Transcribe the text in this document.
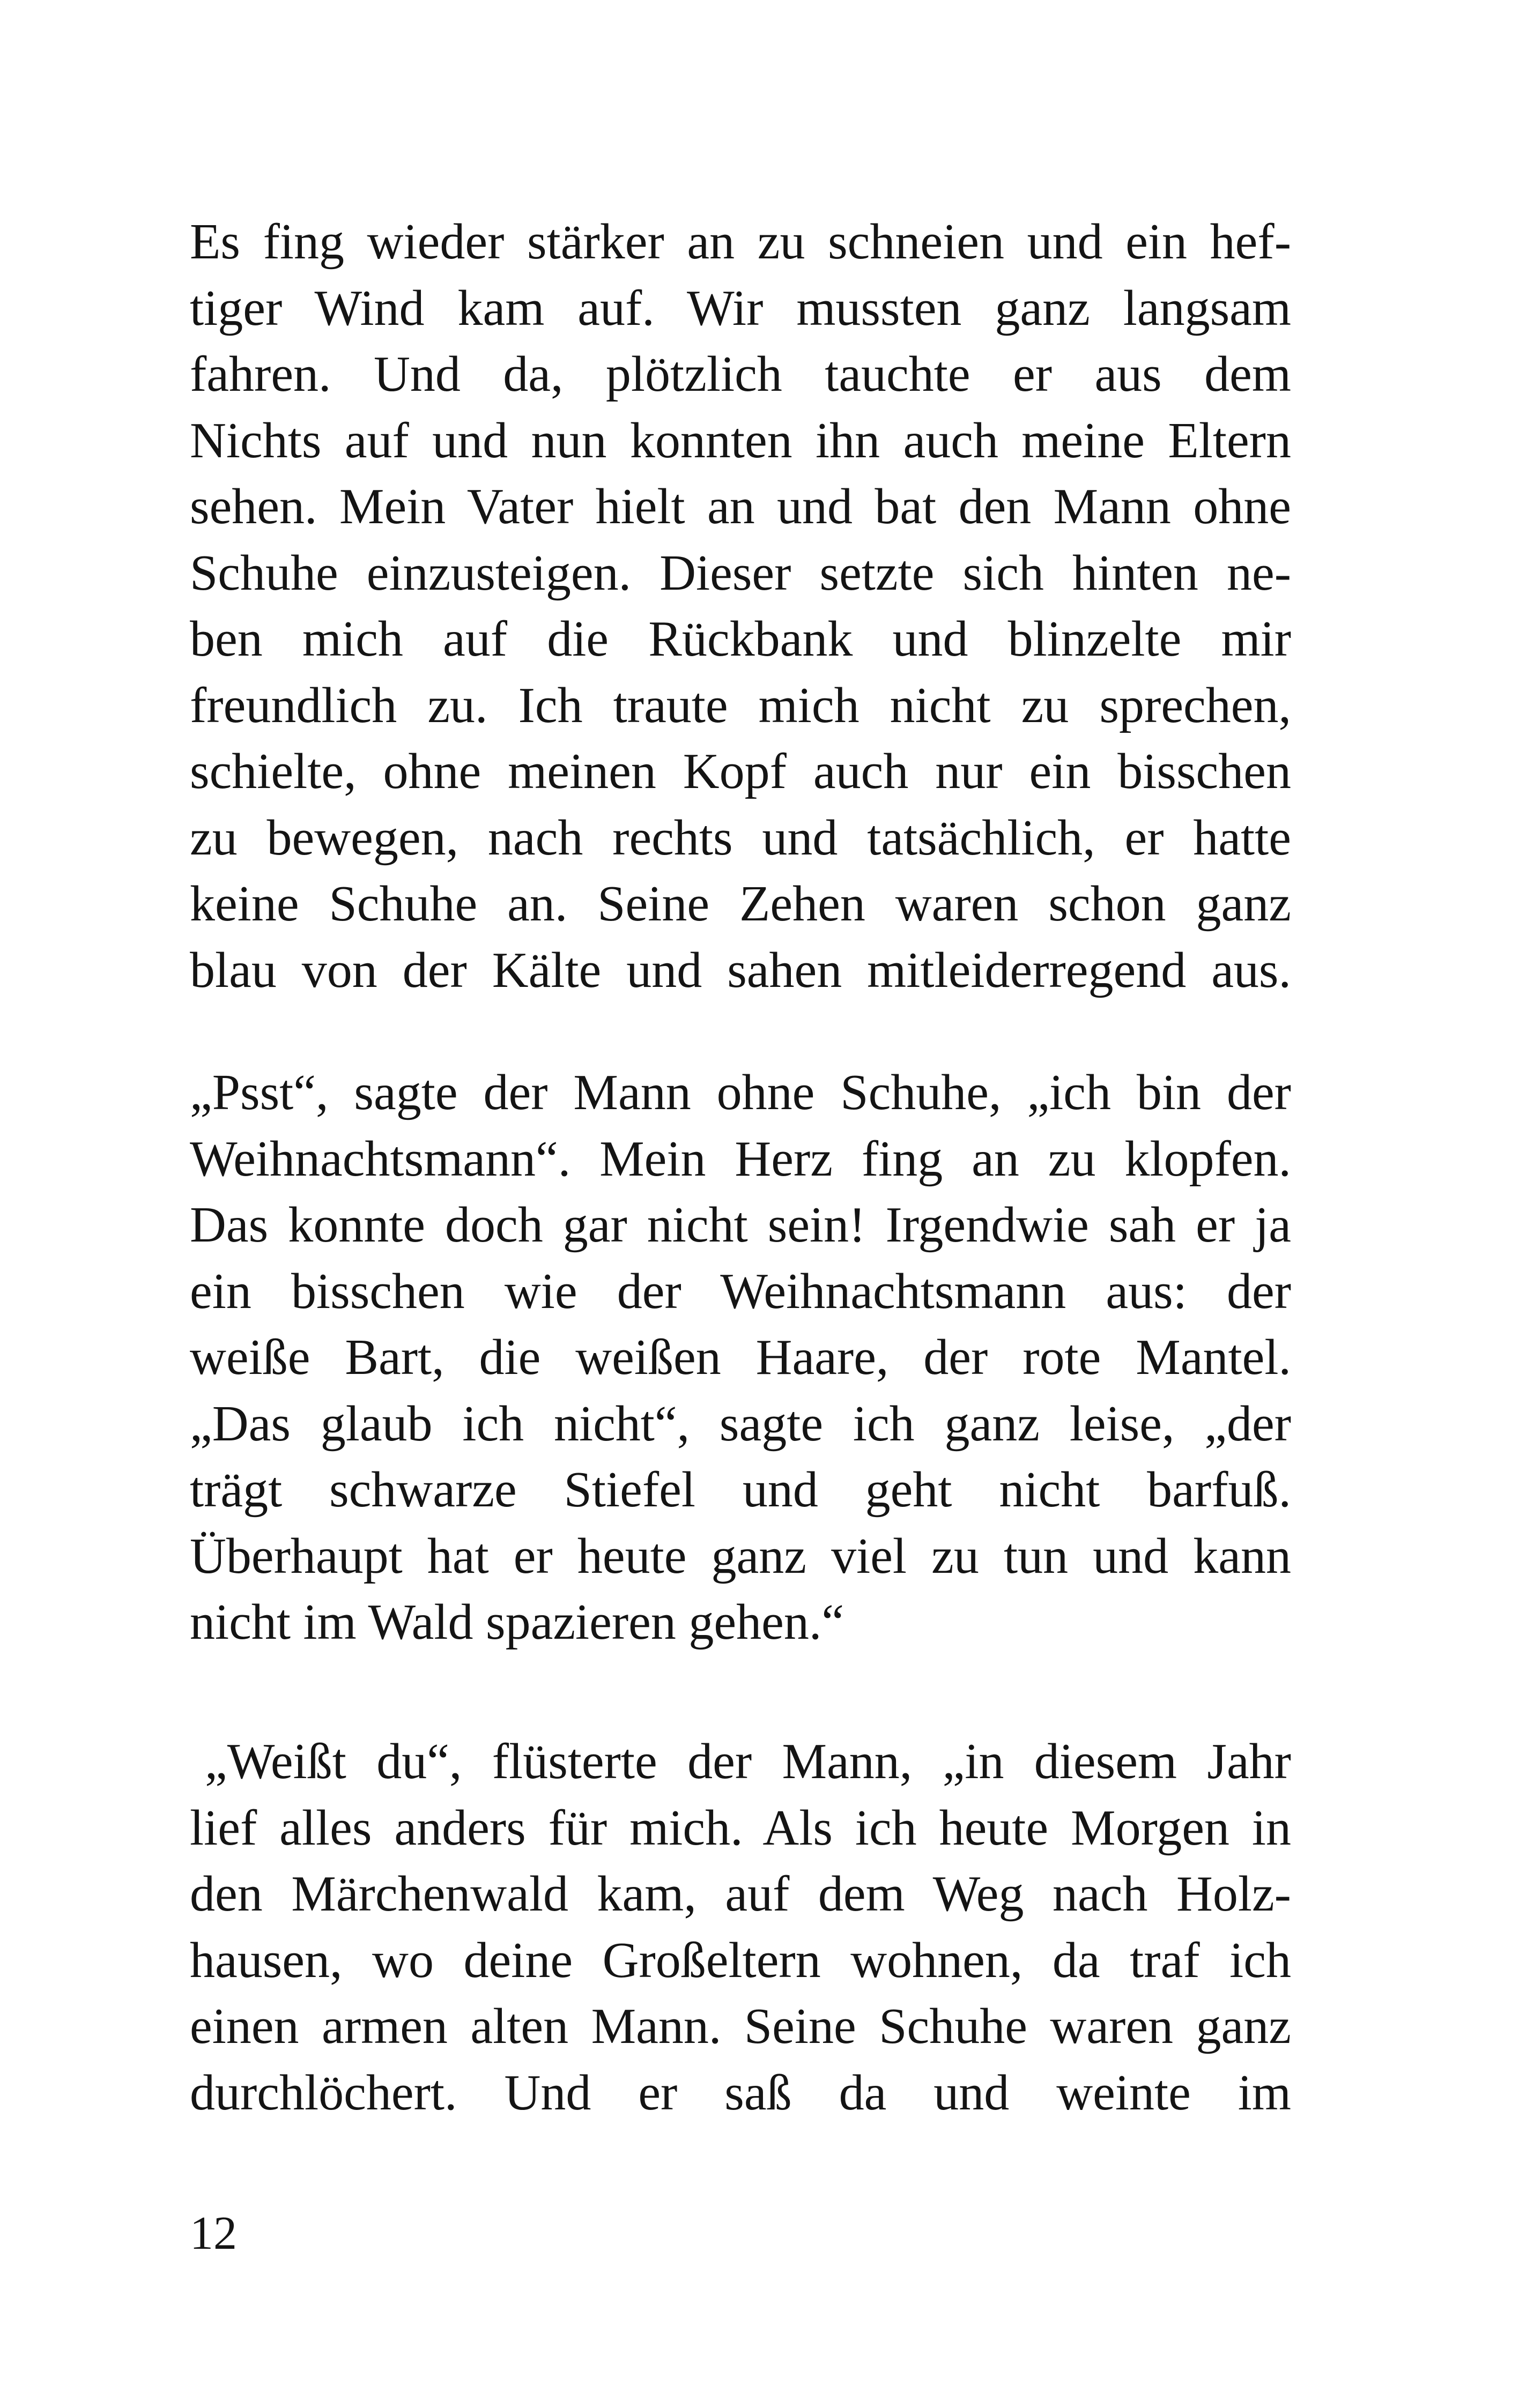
Es fing wieder stärker an zu schneien und ein hef-
tiger Wind kam auf. Wir mussten ganz langsam
fahren. Und da, plötzlich tauchte er aus dem
Nichts auf und nun konnten ihn auch meine Eltern
sehen. Mein Vater hielt an und bat den Mann ohne
Schuhe einzusteigen. Dieser setzte sich hinten ne-
ben mich auf die Rückbank und blinzelte mir
freundlich zu. Ich traute mich nicht zu sprechen,
schielte, ohne meinen Kopf auch nur ein bisschen
zu bewegen, nach rechts und tatsächlich, er hatte
keine Schuhe an. Seine Zehen waren schon ganz
blau von der Kälte und sahen mitleiderregend aus.
„Psst“, sagte der Mann ohne Schuhe, „ich bin der
Weihnachtsmann“. Mein Herz fing an zu klopfen.
Das konnte doch gar nicht sein! Irgendwie sah er ja
ein bisschen wie der Weihnachtsmann aus: der
weiße Bart, die weißen Haare, der rote Mantel.
„Das glaub ich nicht“, sagte ich ganz leise, „der
trägt schwarze Stiefel und geht nicht barfuß.
Überhaupt hat er heute ganz viel zu tun und kann
nicht im Wald spazieren gehen.“
„Weißt du“, flüsterte der Mann, „in diesem Jahr
lief alles anders für mich. Als ich heute Morgen in
den Märchenwald kam, auf dem Weg nach Holz-
hausen, wo deine Großeltern wohnen, da traf ich
einen armen alten Mann. Seine Schuhe waren ganz
durchlöchert. Und er saß da und weinte im
12
